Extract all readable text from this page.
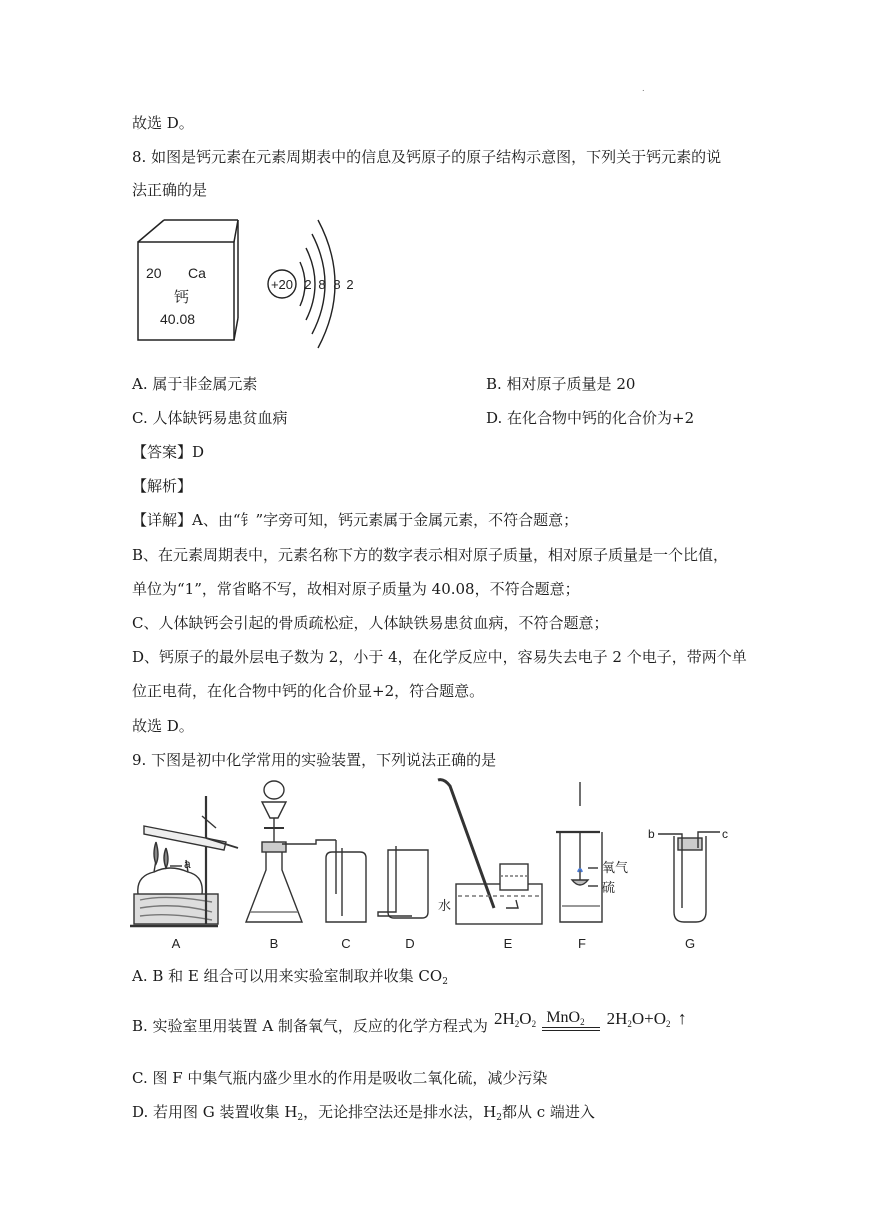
.
故选 D。
8. 如图是钙元素在元素周期表中的信息及钙原子的原子结构示意图，下列关于钙元素的说
法正确的是
20 Ca
钙
40.08
+20 2 8 8 2
A. 属于非金属元素	B. 相对原子质量是 20
C. 人体缺钙易患贫血病	D. 在化合物中钙的化合价为+2
【答案】D
【解析】
【详解】A、由“钅”字旁可知，钙元素属于金属元素，不符合题意；
B、在元素周期表中，元素名称下方的数字表示相对原子质量，相对原子质量是一个比值，
单位为“1”，常省略不写，故相对原子质量为 40.08，不符合题意；
C、人体缺钙会引起的骨质疏松症，人体缺铁易患贫血病，不符合题意；
D、钙原子的最外层电子数为 2，小于 4，在化学反应中，容易失去电子 2 个电子，带两个单
位正电荷，在化合物中钙的化合价显+2，符合题意。
故选 D。
9. 下图是初中化学常用的实验装置，下列说法正确的是
a
水
氧气
硫
b	c
A	B	C	D	E	F	G
A. B 和 E 组合可以用来实验室制取并收集 $CO_2$
B. 实验室里用装置 A 制备氧气，反应的化学方程式为 $2H_2O_2$ MnO$_2$ $2H_2O+O_2$ ↑
C. 图 F 中集气瓶内盛少里水的作用是吸收二氧化硫，减少污染
D. 若用图 G 装置收集 $H_2$，无论排空法还是排水法，$H_2$都从 c 端进入
